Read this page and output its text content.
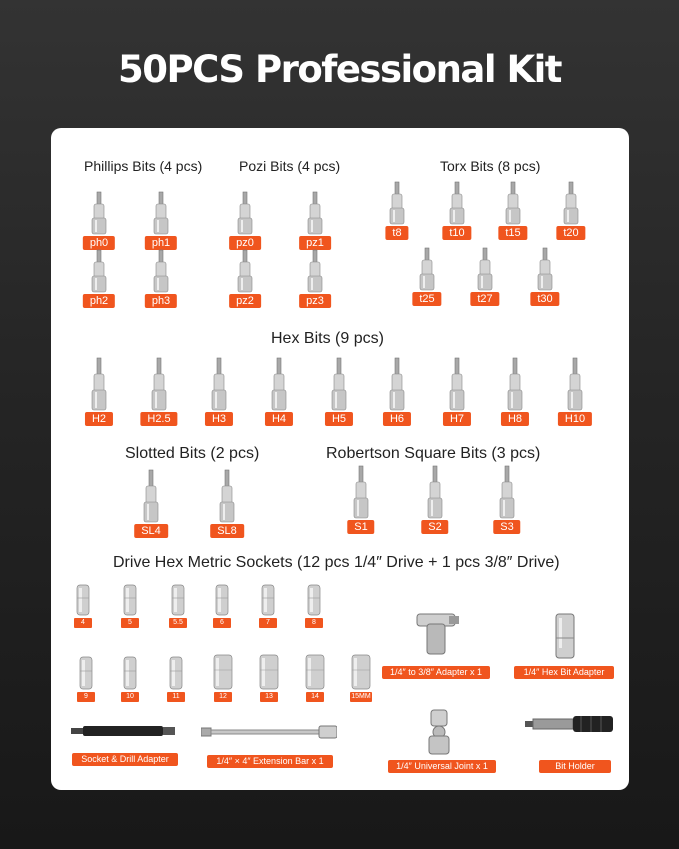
50PCS Professional Kit
Phillips Bits (4 pcs)	Pozi Bits (4 pcs)	Torx Bits (8 pcs)
Hex Bits (9 pcs)
Slotted Bits (2 pcs)	Robertson Square Bits (3 pcs)
Drive Hex Metric Sockets (12 pcs 1/4″ Drive + 1 pcs 3/8″ Drive)
ph0	ph1
ph2	ph3
pz0	pz1
pz2	pz3
t8	t10	t15	t20
t25	t27	t30
H2	H2.5	H3	H4	H5	H6	H7	H8	H10
SL4	SL8	S1	S2	S3
4	5	5.5	6	7	8
9	10	11	12	13	14	15MM
1/4″ to 3/8″ Adapter x 1	1/4″ Hex Bit Adapter
Socket & Drill Adapter	1/4″ × 4″ Extension Bar x 1	1/4″ Universal Joint x 1	Bit Holder
